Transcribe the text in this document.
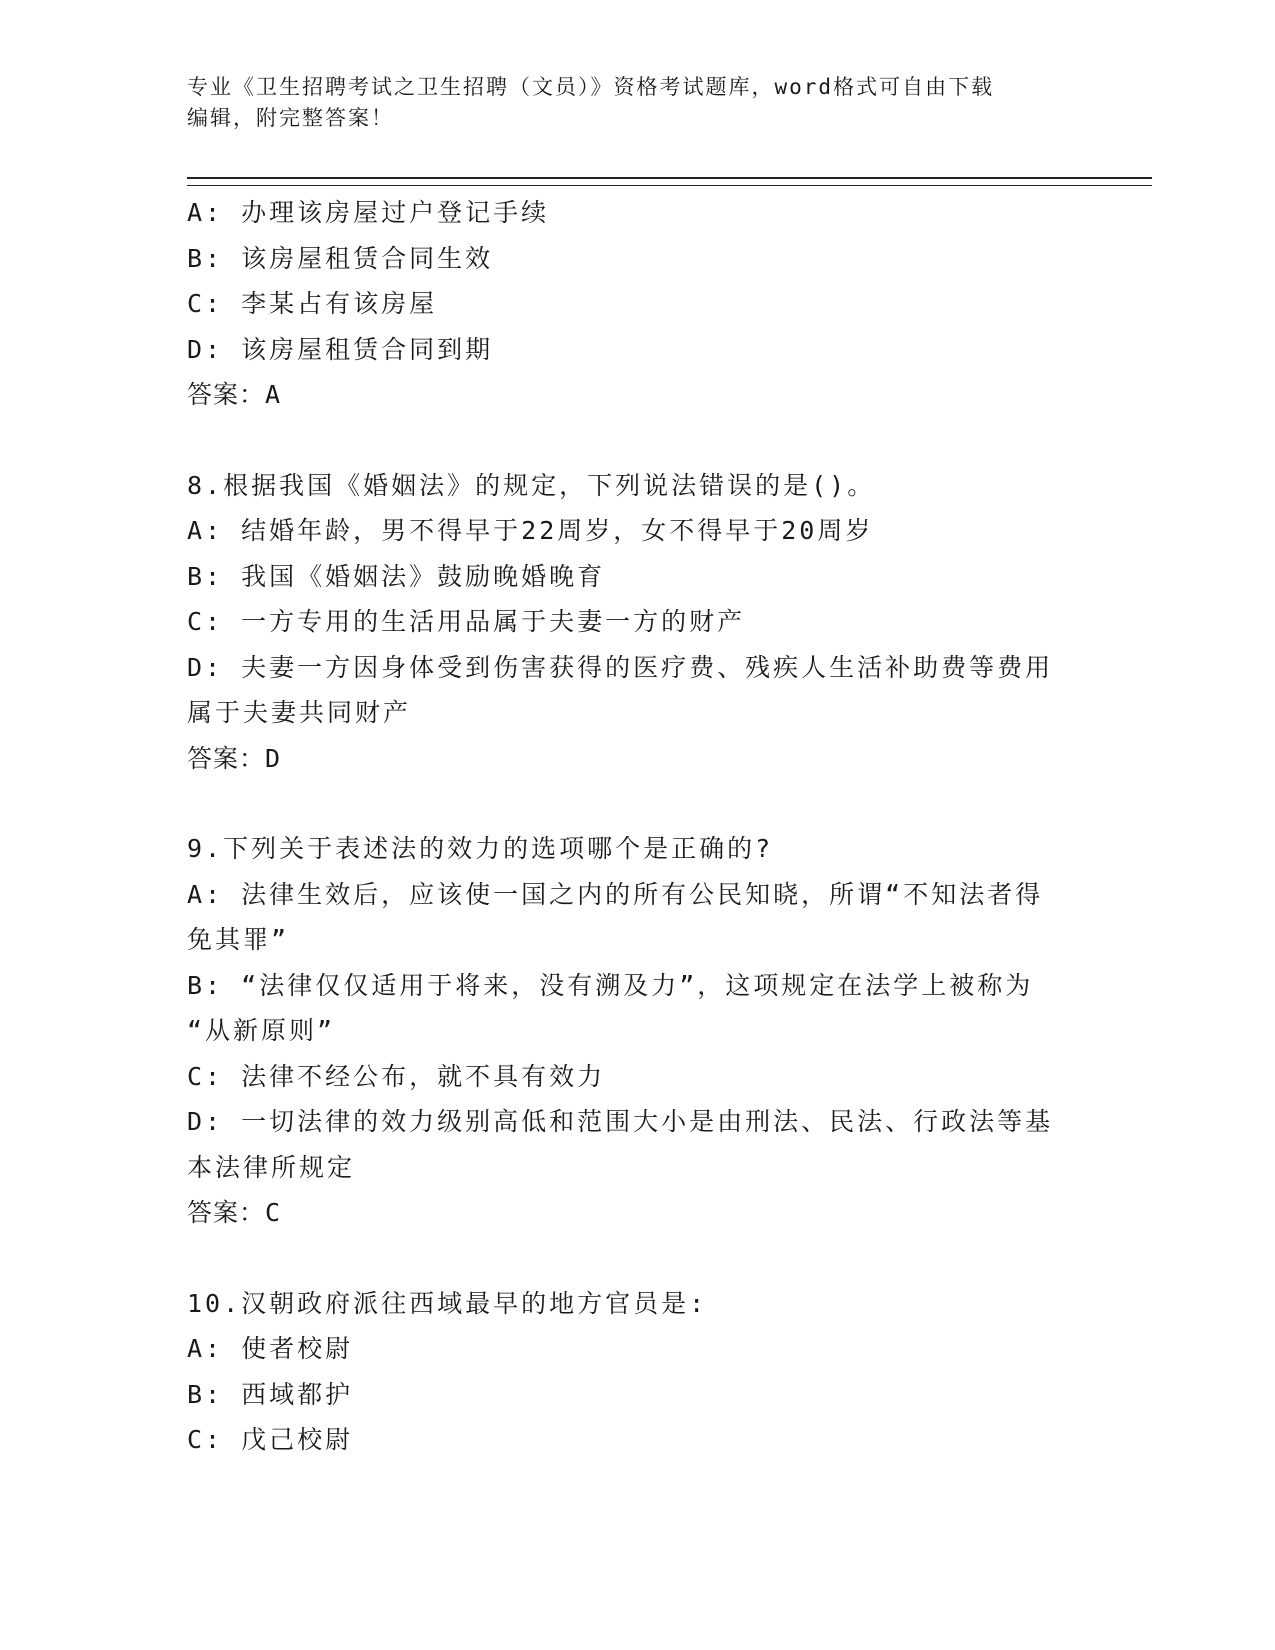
专业《卫生招聘考试之卫生招聘（文员）》资格考试题库，word格式可自由下载
编辑，附完整答案！
A: 办理该房屋过户登记手续
B: 该房屋租赁合同生效
C: 李某占有该房屋
D: 该房屋租赁合同到期
答案：A
8.根据我国《婚姻法》的规定，下列说法错误的是()。
A: 结婚年龄，男不得早于22周岁，女不得早于20周岁
B: 我国《婚姻法》鼓励晚婚晚育
C: 一方专用的生活用品属于夫妻一方的财产
D: 夫妻一方因身体受到伤害获得的医疗费、残疾人生活补助费等费用
属于夫妻共同财产
答案：D
9.下列关于表述法的效力的选项哪个是正确的?
A: 法律生效后，应该使一国之内的所有公民知晓，所谓“不知法者得
免其罪”
B: “法律仅仅适用于将来，没有溯及力”，这项规定在法学上被称为
“从新原则”
C: 法律不经公布，就不具有效力
D: 一切法律的效力级别高低和范围大小是由刑法、民法、行政法等基
本法律所规定
答案：C
10.汉朝政府派往西域最早的地方官员是:
A: 使者校尉
B: 西域都护
C: 戊己校尉
